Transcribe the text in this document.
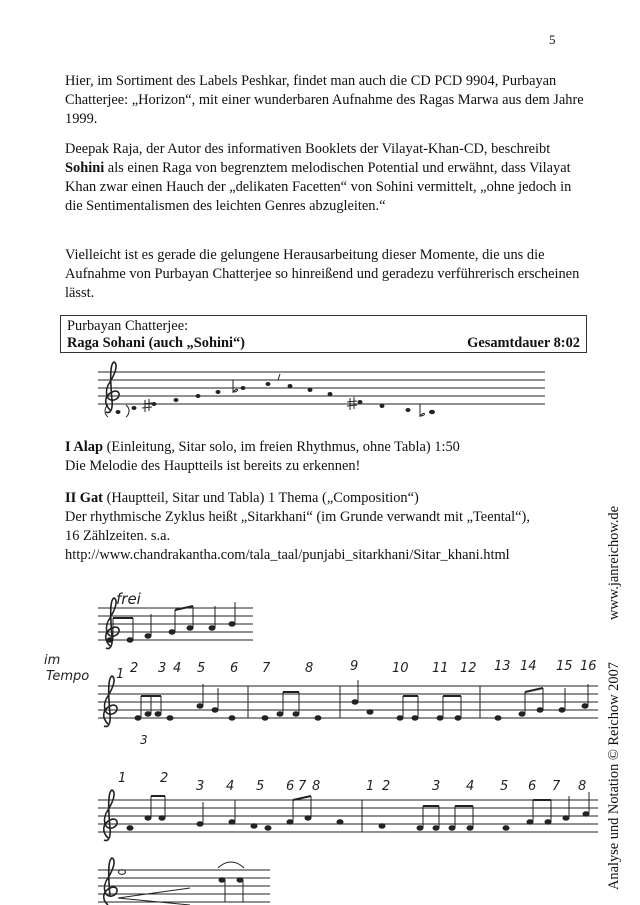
5

Hier, im Sortiment des Labels Peshkar, findet man auch die CD PCD 9904, Purbayan Chatterjee: „Horizon“, mit einer wunderbaren Aufnahme des Ragas Marwa aus dem Jahre 1999.

Deepak Raja, der Autor des informativen Booklets der Vilayat-Khan-CD, beschreibt Sohini als einen Raga von begrenztem melodischen Potential und erwähnt, dass Vilayat Khan zwar einen Hauch der „delikaten Facetten“ von Sohini vermittelt, „ohne jedoch in die Sentimentalismen des leichten Genres abzugleiten.“

Vielleicht ist es gerade die gelungene Herausarbeitung dieser Momente, die uns die Aufnahme von Purbayan Chatterjee so hinreißend und geradezu verführerisch erscheinen lässt.

Purbayan Chatterjee:
Raga Sohani (auch „Sohini“)	Gesamtdauer 8:02

I Alap (Einleitung, Sitar solo, im freien Rhythmus, ohne Tabla) 1:50
Die Melodie des Hauptteils ist bereits zu erkennen!

II Gat (Hauptteil, Sitar und Tabla) 1 Thema („Composition“)
Der rhythmische Zyklus heißt „Sitarkhani“ (im Grunde verwandt mit „Teental“),
16 Zählzeiten. s.a.
http://www.chandrakantha.com/tala_taal/punjabi_sitarkhani/Sitar_khani.html	www.janreichow.de
Analyse und Notation © Reichow 2007
frei
im
Tempo
3
1 2 3 4 5 6 7	8	9	10 11 12 13 14 15 16
1	2
3 4 5 6 7 8	1 2	3 4 5 6 7 8
